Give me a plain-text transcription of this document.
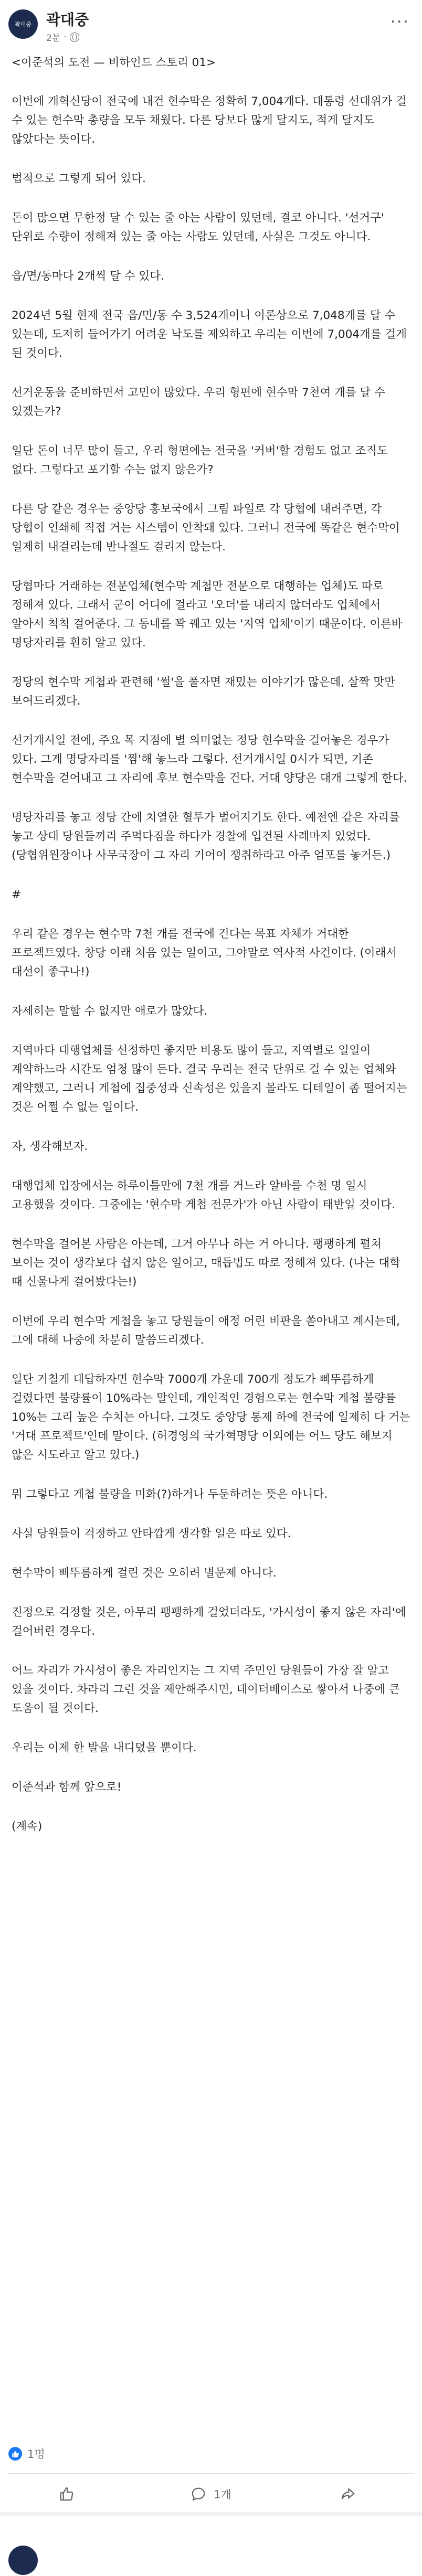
곽대중 곽대중
2분 ·
···

<이준석의 도전 — 비하인드 스토리 01>

이번에 개혁신당이 전국에 내건 현수막은 정확히 7,004개다. 대통령 선대위가 걸 수 있는 현수막 총량을 모두 채웠다. 다른 당보다 많게 달지도, 적게 달지도 않았다는 뜻이다.

법적으로 그렇게 되어 있다.

돈이 많으면 무한정 달 수 있는 줄 아는 사람이 있던데, 결코 아니다. '선거구' 단위로 수량이 정해져 있는 줄 아는 사람도 있던데, 사실은 그것도 아니다.

읍/면/동마다 2개씩 달 수 있다.

2024년 5월 현재 전국 읍/면/동 수 3,524개이니 이론상으로 7,048개를 달 수 있는데, 도저히 들어가기 어려운 낙도를 제외하고 우리는 이번에 7,004개를 걸게 된 것이다.

선거운동을 준비하면서 고민이 많았다. 우리 형편에 현수막 7천여 개를 달 수 있겠는가?

일단 돈이 너무 많이 들고, 우리 형편에는 전국을 '커버'할 경험도 없고 조직도 없다. 그렇다고 포기할 수는 없지 않은가?

다른 당 같은 경우는 중앙당 홍보국에서 그림 파일로 각 당협에 내려주면, 각 당협이 인쇄해 직접 거는 시스템이 안착돼 있다. 그러니 전국에 똑같은 현수막이 일제히 내걸리는데 반나절도 걸리지 않는다.

당협마다 거래하는 전문업체(현수막 계첩만 전문으로 대행하는 업체)도 따로 정해져 있다. 그래서 군이 어디에 걸라고 '오더'를 내리지 않더라도 업체에서 알아서 척척 걸어준다. 그 동네를 꽉 꿰고 있는 '지역 업체'이기 때문이다. 이른바 명당자리를 훤히 알고 있다.

정당의 현수막 게첩과 관련해 '썰'을 풀자면 재밌는 이야기가 많은데, 살짝 맛만 보여드리겠다.

선거개시일 전에, 주요 목 지점에 별 의미없는 정당 현수막을 걸어놓은 경우가 있다. 그게 명당자리를 '찜'해 놓느라 그렇다. 선거개시일 0시가 되면, 기존 현수막을 걷어내고 그 자리에 후보 현수막을 건다. 거대 양당은 대개 그렇게 한다.

명당자리를 놓고 정당 간에 치열한 혈투가 벌어지기도 한다. 예전엔 같은 자리를 놓고 상대 당원들끼리 주먹다짐을 하다가 경찰에 입건된 사례마저 있었다. (당협위원장이나 사무국장이 그 자리 기어이 쟁취하라고 아주 엄포를 놓거든.)

#

우리 같은 경우는 현수막 7천 개를 전국에 건다는 목표 자체가 거대한 프로젝트였다. 창당 이래 처음 있는 일이고, 그야말로 역사적 사건이다. (이래서 대선이 좋구나!)

자세히는 말할 수 없지만 애로가 많았다.

지역마다 대행업체를 선정하면 좋지만 비용도 많이 들고, 지역별로 일일이 계약하느라 시간도 엄청 많이 든다. 결국 우리는 전국 단위로 걸 수 있는 업체와 계약했고, 그러니 게첩에 집중성과 신속성은 있을지 몰라도 디테일이 좀 떨어지는 것은 어쩔 수 없는 일이다.

자, 생각해보자.

대행업체 입장에서는 하루이틀만에 7천 개를 거느라 알바를 수천 명 일시 고용했을 것이다. 그중에는 '현수막 게첩 전문가'가 아닌 사람이 태반일 것이다.

현수막을 걸어본 사람은 아는데, 그거 아무나 하는 거 아니다. 팽팽하게 펼쳐 보이는 것이 생각보다 쉽지 않은 일이고, 매듭법도 따로 정해져 있다. (나는 대학 때 신물나게 걸어봤다는!)

이번에 우리 현수막 게첩을 놓고 당원들이 애정 어린 비판을 쏟아내고 계시는데, 그에 대해 나중에 차분히 말씀드리겠다.

일단 거칠게 대답하자면 현수막 7000개 가운데 700개 정도가 삐뚜름하게 걸렸다면 불량률이 10%라는 말인데, 개인적인 경험으로는 현수막 게첩 불량률 10%는 그리 높은 수치는 아니다. 그것도 중앙당 통제 하에 전국에 일제히 다 거는 '거대 프로젝트'인데 말이다. (허경영의 국가혁명당 이외에는 어느 당도 해보지 않은 시도라고 알고 있다.)

뭐 그렇다고 게첩 불량을 미화(?)하거나 두둔하려는 뜻은 아니다.

사실 당원들이 걱정하고 안타깝게 생각할 일은 따로 있다.

현수막이 삐뚜름하게 걸린 것은 오히려 별문제 아니다.

진정으로 걱정할 것은, 아무리 팽팽하게 걸었더라도, '가시성이 좋지 않은 자리'에 걸어버린 경우다.

어느 자리가 가시성이 좋은 자리인지는 그 지역 주민인 당원들이 가장 잘 알고 있을 것이다. 차라리 그런 것을 제안해주시면, 데이터베이스로 쌓아서 나중에 큰 도움이 될 것이다.

우리는 이제 한 발을 내디뎠을 뿐이다.

이준석과 함께 앞으로!

(계속)

1명
1개
